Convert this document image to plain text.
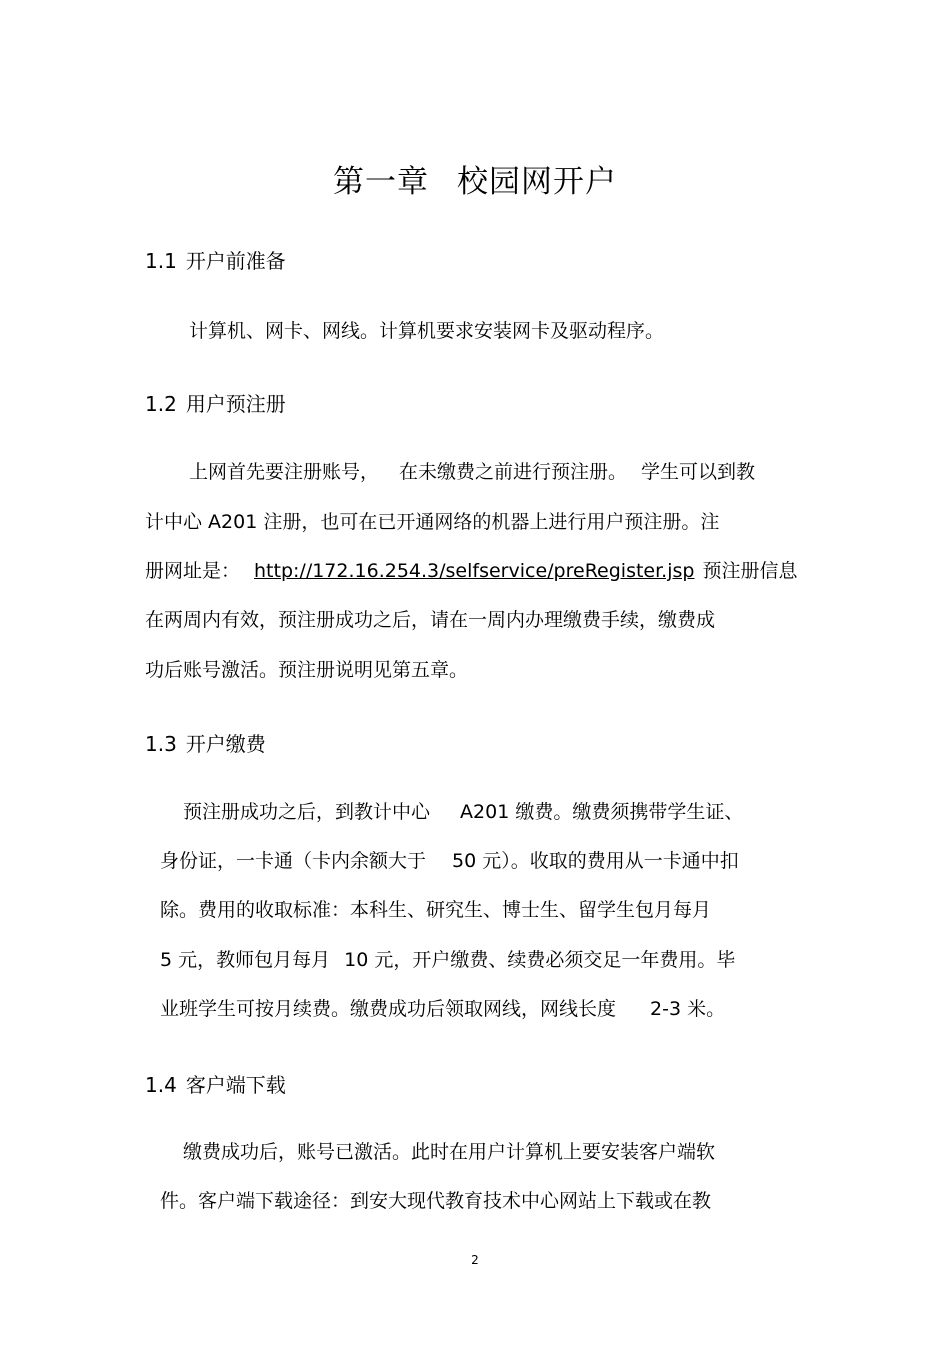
第一章 校园网开户
1.1 开户前准备
计算机、网卡、网线。计算机要求安装网卡及驱动程序。
1.2 用户预注册
上网首先要注册账号， 在未缴费之前进行预注册。 学生可以到教
计中心 A201 注册，也可在已开通网络的机器上进行用户预注册。注
册网址是： http://172.16.254.3/selfservice/preRegister.jsp 预注册信息
在两周内有效，预注册成功之后，请在一周内办理缴费手续，缴费成
功后账号激活。预注册说明见第五章。
1.3 开户缴费
预注册成功之后，到教计中心 A201 缴费。缴费须携带学生证、
身份证，一卡通（卡内余额大于 50 元）。收取的费用从一卡通中扣
除。费用的收取标准：本科生、研究生、博士生、留学生包月每月
5 元，教师包月每月 10 元，开户缴费、续费必须交足一年费用。毕
业班学生可按月续费。缴费成功后领取网线，网线长度 2-3 米。
1.4 客户端下载
缴费成功后，账号已激活。此时在用户计算机上要安装客户端软
件。客户端下载途径：到安大现代教育技术中心网站上下载或在教
2
